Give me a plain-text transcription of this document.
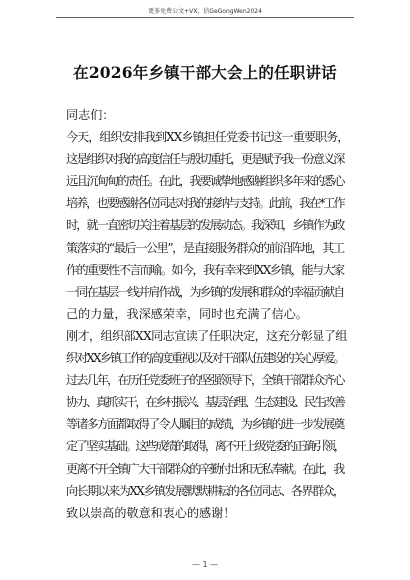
更多免费公文+VX，信GeGongWen2024
在2026年乡镇干部大会上的任职讲话
同志们：
今天，组织安排我到XX乡镇担任党委书记这一重要职务，
这是组织对我的高度信任与殷切重托，更是赋予我一份意义深
远且沉甸甸的责任。在此，我要诚挚地感谢组织多年来的悉心
培养，也要感谢各位同志对我的接纳与支持。此前，我在*工作
时，就一直密切关注着基层的发展动态。我深知，乡镇作为政
策落实的“最后一公里”，是直接服务群众的前沿阵地，其工
作的重要性不言而喻。如今，我有幸来到XX乡镇，能与大家
一同在基层一线并肩作战，为乡镇的发展和群众的幸福贡献自
己的力量，我深感荣幸，同时也充满了信心。
刚才，组织部XX同志宣读了任职决定，这充分彰显了组
织对XX乡镇工作的高度重视以及对干部队伍建设的关心厚爱。
过去几年，在历任党委班子的坚强领导下，全镇干部群众齐心
协力、真抓实干，在乡村振兴、基层治理、生态建设、民生改善
等诸多方面都取得了令人瞩目的成绩，为乡镇的进一步发展奠
定了坚实基础。这些成绩的取得，离不开上级党委的正确引领，
更离不开全镇广大干部群众的辛勤付出和无私奉献。在此，我
向长期以来为XX乡镇发展默默耕耘的各位同志、各界群众，
致以崇高的敬意和衷心的感谢！
— 1 —
